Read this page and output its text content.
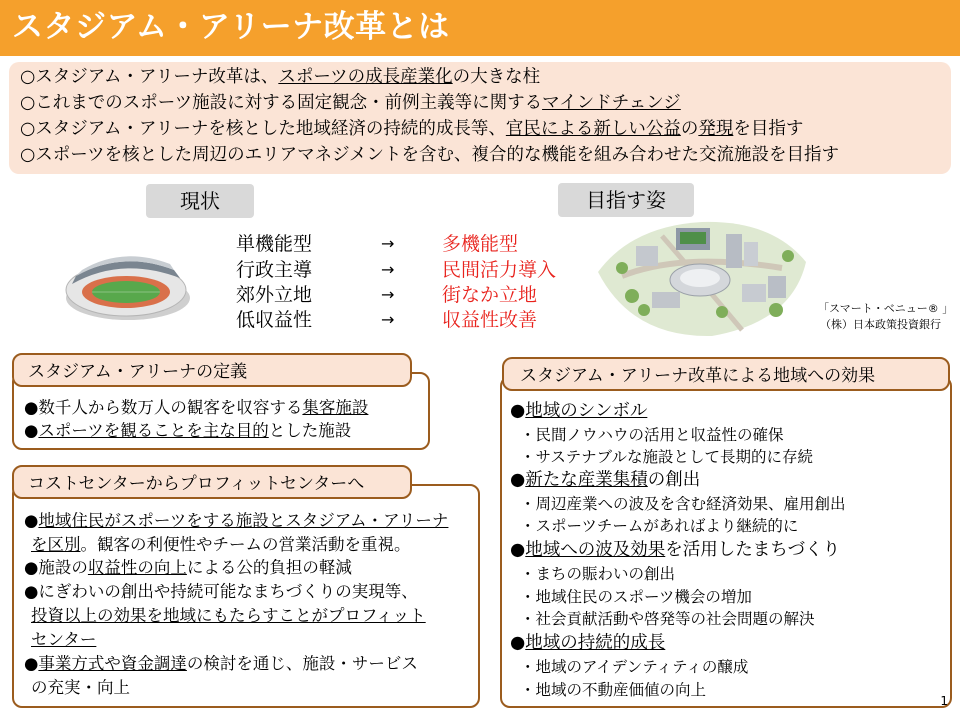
スタジアム・アリーナ改革とは
○スタジアム・アリーナ改革は、スポーツの成長産業化の大きな柱
○これまでのスポーツ施設に対する固定観念・前例主義等に関するマインドチェンジ
○スタジアム・アリーナを核とした地域経済の持続的成長等、官民による新しい公益の発現を目指す
○スポーツを核とした周辺のエリアマネジメントを含む、複合的な機能を組み合わせた交流施設を目指す
現状	目指す姿
単機能型
行政主導
郊外立地
低収益性
→
→
→
→
多機能型
民間活力導入
街なか立地
収益性改善
「スマート・ベニュー® 」
（株）日本政策投資銀行
スタジアム・アリーナの定義
●数千人から数万人の観客を収容する集客施設
●スポーツを観ることを主な目的とした施設
コストセンターからプロフィットセンターへ
●地域住民がスポーツをする施設とスタジアム・アリーナ
を区別。観客の利便性やチームの営業活動を重視。
●施設の収益性の向上による公的負担の軽減
●にぎわいの創出や持続可能なまちづくりの実現等、
投資以上の効果を地域にもたらすことがプロフィット
センター
●事業方式や資金調達の検討を通じ、施設・サービス
の充実・向上
スタジアム・アリーナ改革による地域への効果
●地域のシンボル
・民間ノウハウの活用と収益性の確保
・サステナブルな施設として長期的に存続
●新たな産業集積の創出
・周辺産業への波及を含む経済効果、雇用創出
・スポーツチームがあればより継続的に
●地域への波及効果を活用したまちづくり
・まちの賑わいの創出
・地域住民のスポーツ機会の増加
・社会貢献活動や啓発等の社会問題の解決
●地域の持続的成長
・地域のアイデンティティの醸成
・地域の不動産価値の向上
1
